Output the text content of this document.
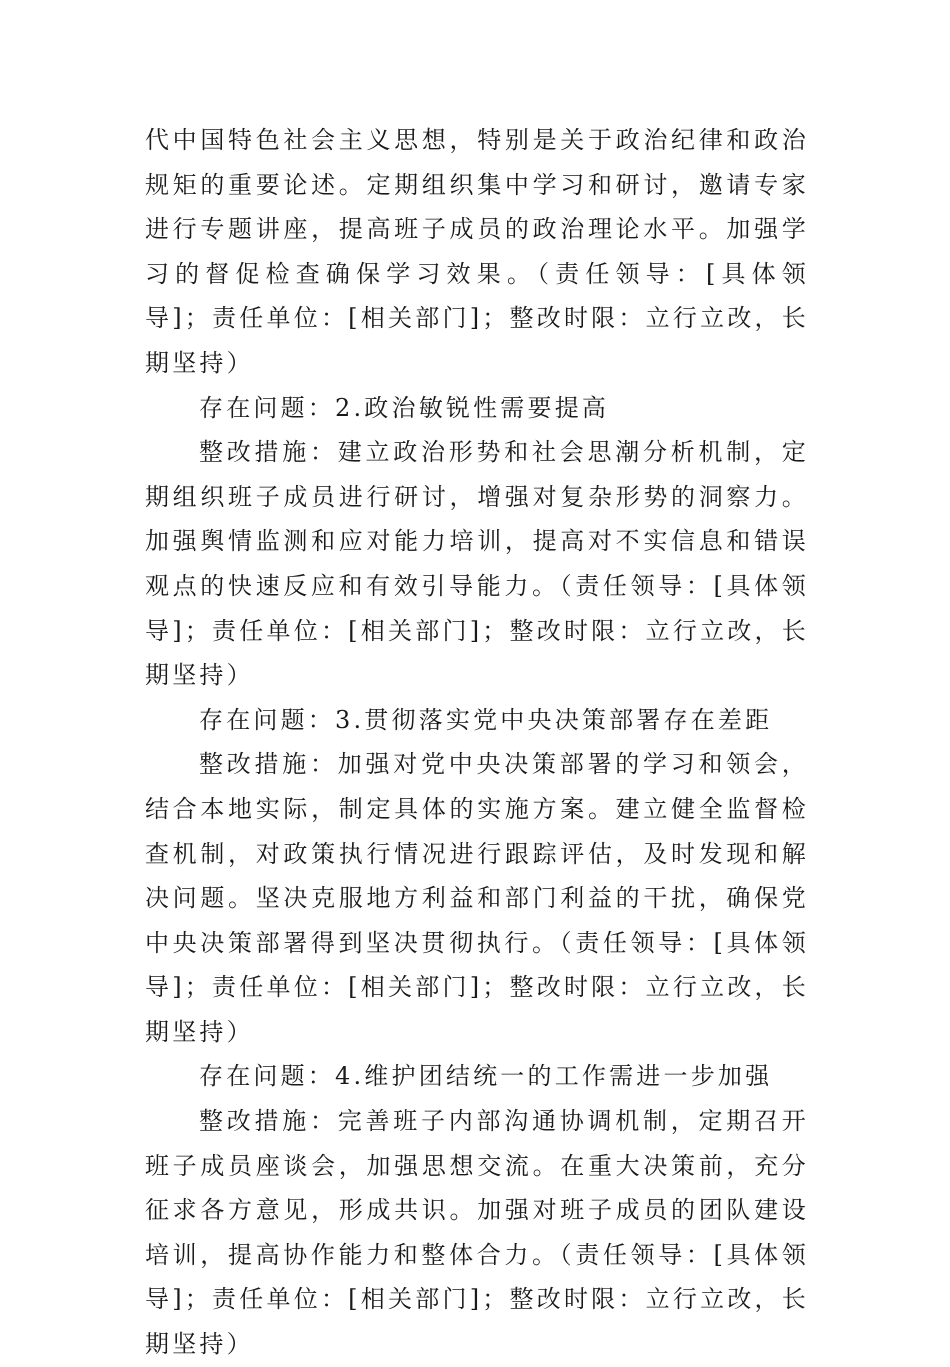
代中国特色社会主义思想，特别是关于政治纪律和政治规矩的重要论述。定期组织集中学习和研讨，邀请专家进行专题讲座，提高班子成员的政治理论水平。加强学习的督促检查确保学习效果。（责任领导：[具体领导]；责任单位：[相关部门]；整改时限：立行立改，长期坚持）

存在问题：2.政治敏锐性需要提高

整改措施：建立政治形势和社会思潮分析机制，定期组织班子成员进行研讨，增强对复杂形势的洞察力。加强舆情监测和应对能力培训，提高对不实信息和错误观点的快速反应和有效引导能力。（责任领导：[具体领导]；责任单位：[相关部门]；整改时限：立行立改，长期坚持）

存在问题：3.贯彻落实党中央决策部署存在差距

整改措施：加强对党中央决策部署的学习和领会，结合本地实际，制定具体的实施方案。建立健全监督检查机制，对政策执行情况进行跟踪评估，及时发现和解决问题。坚决克服地方利益和部门利益的干扰，确保党中央决策部署得到坚决贯彻执行。（责任领导：[具体领导]；责任单位：[相关部门]；整改时限：立行立改，长期坚持）

存在问题：4.维护团结统一的工作需进一步加强

整改措施：完善班子内部沟通协调机制，定期召开班子成员座谈会，加强思想交流。在重大决策前，充分征求各方意见，形成共识。加强对班子成员的团队建设培训，提高协作能力和整体合力。（责任领导：[具体领导]；责任单位：[相关部门]；整改时限：立行立改，长期坚持）
